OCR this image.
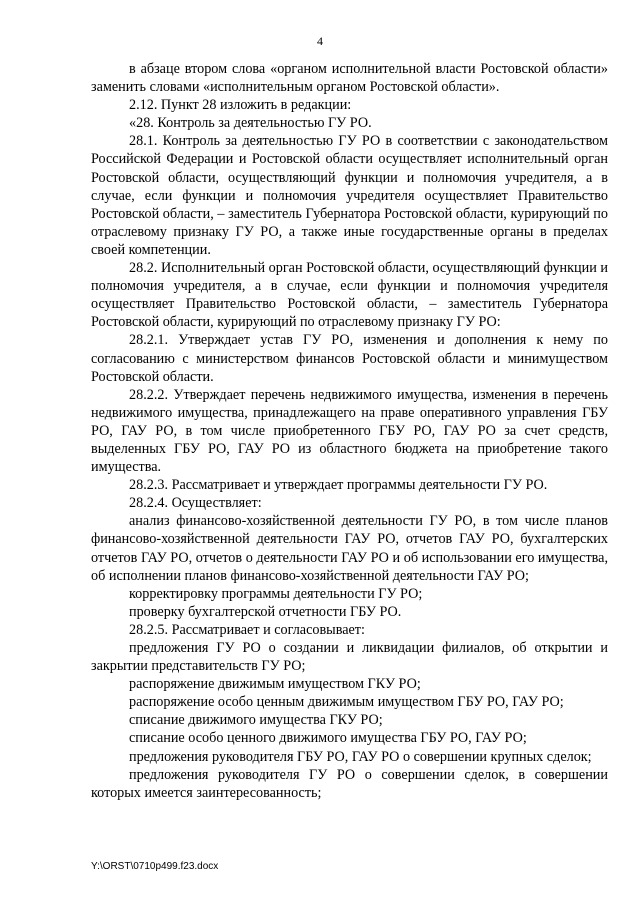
4

в абзаце втором слова «органом исполнительной власти Ростовской области» заменить словами «исполнительным органом Ростовской области».

2.12. Пункт 28 изложить в редакции:

«28. Контроль за деятельностью ГУ РО.

28.1. Контроль за деятельностью ГУ РО в соответствии с законодательством Российской Федерации и Ростовской области осуществляет исполнительный орган Ростовской области, осуществляющий функции и полномочия учредителя, а в случае, если функции и полномочия учредителя осуществляет Правительство Ростовской области, – заместитель Губернатора Ростовской области, курирующий по отраслевому признаку ГУ РО, а также иные государственные органы в пределах своей компетенции.

28.2. Исполнительный орган Ростовской области, осуществляющий функции и полномочия учредителя, а в случае, если функции и полномочия учредителя осуществляет Правительство Ростовской области, – заместитель Губернатора Ростовской области, курирующий по отраслевому признаку ГУ РО:

28.2.1. Утверждает устав ГУ РО, изменения и дополнения к нему по согласованию с министерством финансов Ростовской области и минимуществом Ростовской области.

28.2.2. Утверждает перечень недвижимого имущества, изменения в перечень недвижимого имущества, принадлежащего на праве оперативного управления ГБУ РО, ГАУ РО, в том числе приобретенного ГБУ РО, ГАУ РО за счет средств, выделенных ГБУ РО, ГАУ РО из областного бюджета на приобретение такого имущества.

28.2.3. Рассматривает и утверждает программы деятельности ГУ РО.

28.2.4. Осуществляет:

анализ финансово-хозяйственной деятельности ГУ РО, в том числе планов финансово-хозяйственной деятельности ГАУ РО, отчетов ГАУ РО, бухгалтерских отчетов ГАУ РО, отчетов о деятельности ГАУ РО и об использовании его имущества, об исполнении планов финансово-хозяйственной деятельности ГАУ РО;

корректировку программы деятельности ГУ РО;

проверку бухгалтерской отчетности ГБУ РО.

28.2.5. Рассматривает и согласовывает:

предложения ГУ РО о создании и ликвидации филиалов, об открытии и закрытии представительств ГУ РО;

распоряжение движимым имуществом ГКУ РО;

распоряжение особо ценным движимым имуществом ГБУ РО, ГАУ РО;

списание движимого имущества ГКУ РО;

списание особо ценного движимого имущества ГБУ РО, ГАУ РО;

предложения руководителя ГБУ РО, ГАУ РО о совершении крупных сделок;

предложения руководителя ГУ РО о совершении сделок, в совершении которых имеется заинтересованность;

Y:\ORST\0710p499.f23.docx
